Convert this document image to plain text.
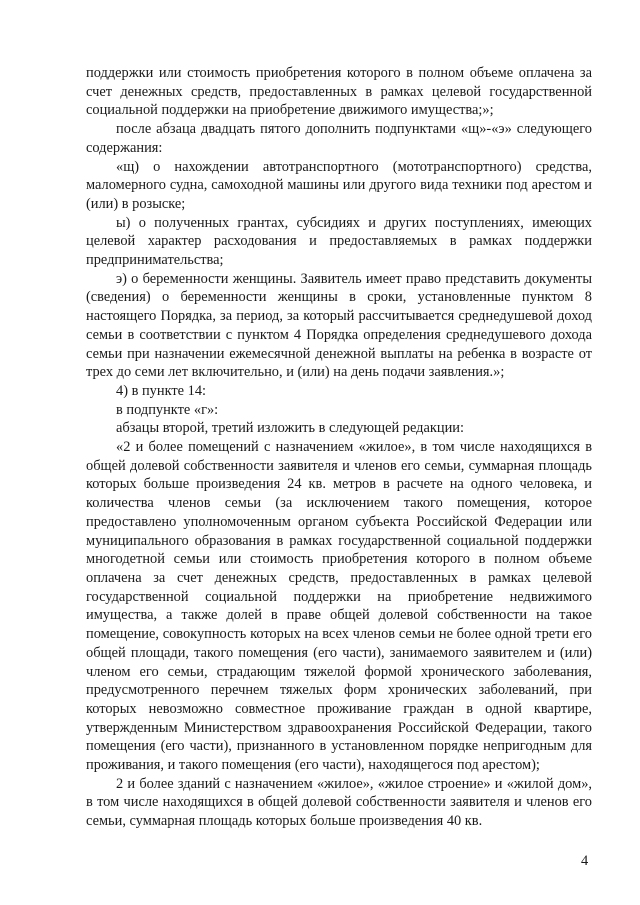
поддержки или стоимость приобретения которого в полном объеме оплачена за счет денежных средств, предоставленных в рамках целевой государственной социальной поддержки на приобретение движимого имущества;»;

после абзаца двадцать пятого дополнить подпунктами «щ»-«э» следующего содержания:

«щ) о нахождении автотранспортного (мототранспортного) средства, маломерного судна, самоходной машины или другого вида техники под арестом и (или) в розыске;

ы) о полученных грантах, субсидиях и других поступлениях, имеющих целевой характер расходования и предоставляемых в рамках поддержки предпринимательства;

э) о беременности женщины. Заявитель имеет право представить документы (сведения) о беременности женщины в сроки, установленные пунктом 8 настоящего Порядка, за период, за который рассчитывается среднедушевой доход семьи в соответствии с пунктом 4 Порядка определения среднедушевого дохода семьи при назначении ежемесячной денежной выплаты на ребенка в возрасте от трех до семи лет включительно, и (или) на день подачи заявления.»;

4) в пункте 14:

в подпункте «г»:

абзацы второй, третий изложить в следующей редакции:

«2 и более помещений с назначением «жилое», в том числе находящихся в общей долевой собственности заявителя и членов его семьи, суммарная площадь которых больше произведения 24 кв. метров в расчете на одного человека, и количества членов семьи (за исключением такого помещения, которое предоставлено уполномоченным органом субъекта Российской Федерации или муниципального образования в рамках государственной социальной поддержки многодетной семьи или стоимость приобретения которого в полном объеме оплачена за счет денежных средств, предоставленных в рамках целевой государственной социальной поддержки на приобретение недвижимого имущества, а также долей в праве общей долевой собственности на такое помещение, совокупность которых на всех членов семьи не более одной трети его общей площади, такого помещения (его части), занимаемого заявителем и (или) членом его семьи, страдающим тяжелой формой хронического заболевания, предусмотренного перечнем тяжелых форм хронических заболеваний, при которых невозможно совместное проживание граждан в одной квартире, утвержденным Министерством здравоохранения Российской Федерации, такого помещения (его части), признанного в установленном порядке непригодным для проживания, и такого помещения (его части), находящегося под арестом);

2 и более зданий с назначением «жилое», «жилое строение» и «жилой дом», в том числе находящихся в общей долевой собственности заявителя и членов его семьи, суммарная площадь которых больше произведения 40 кв.

4
